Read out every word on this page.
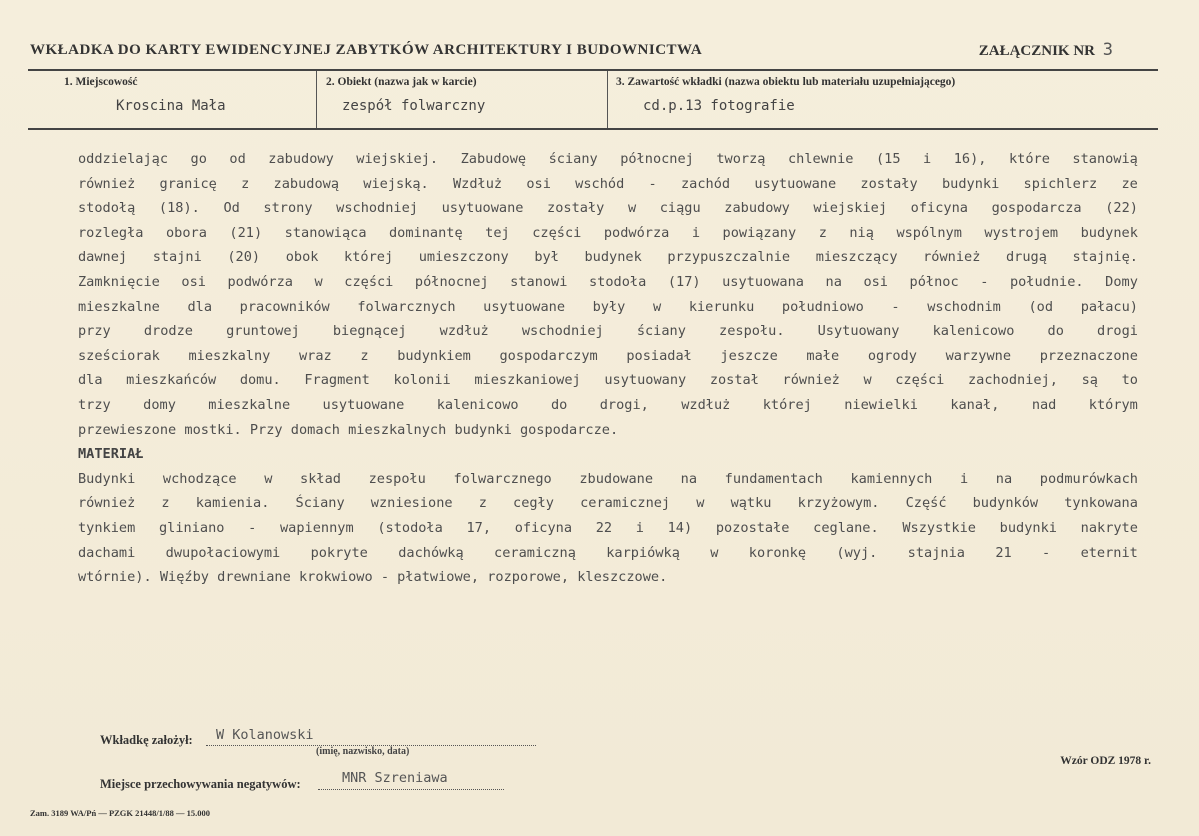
WKŁADKA DO KARTY EWIDENCYJNEJ ZABYTKÓW ARCHITEKTURY I BUDOWNICTWA	ZAŁĄCZNIK NR 3
1. Miejscowość
Kroscina Mała
2. Obiekt (nazwa jak w karcie)
zespół folwarczny
3. Zawartość wkładki (nazwa obiektu lub materiału uzupełniającego)
cd.p.13 fotografie
oddzielając go od zabudowy wiejskiej. Zabudowę ściany północnej tworzą chlewnie (15 i 16), które stanowią
również granicę z zabudową wiejską. Wzdłuż osi wschód - zachód usytuowane zostały budynki spichlerz ze
stodołą (18). Od strony wschodniej usytuowane zostały w ciągu zabudowy wiejskiej oficyna gospodarcza (22)
rozległa obora (21) stanowiąca dominantę tej części podwórza i powiązany z nią wspólnym wystrojem budynek
dawnej stajni (20) obok której umieszczony był budynek przypuszczalnie mieszczący również drugą stajnię.
Zamknięcie osi podwórza w części północnej stanowi stodoła (17) usytuowana na osi północ - południe. Domy
mieszkalne dla pracowników folwarcznych usytuowane były w kierunku południowo - wschodnim (od pałacu)
przy drodze gruntowej biegnącej wzdłuż wschodniej ściany zespołu. Usytuowany kalenicowo do drogi
sześciorak mieszkalny wraz z budynkiem gospodarczym posiadał jeszcze małe ogrody warzywne przeznaczone
dla mieszkańców domu. Fragment kolonii mieszkaniowej usytuowany został również w części zachodniej, są to
trzy domy mieszkalne usytuowane kalenicowo do drogi, wzdłuż której niewielki kanał, nad którym
przewieszone mostki. Przy domach mieszkalnych budynki gospodarcze.
MATERIAŁ
Budynki wchodzące w skład zespołu folwarcznego zbudowane na fundamentach kamiennych i na podmurówkach
również z kamienia. Ściany wzniesione z cegły ceramicznej w wątku krzyżowym. Część budynków tynkowana
tynkiem gliniano - wapiennym (stodoła 17, oficyna 22 i 14) pozostałe ceglane. Wszystkie budynki nakryte
dachami dwupołaciowymi pokryte dachówką ceramiczną karpiówką w koronkę (wyj. stajnia 21 - eternit
wtórnie). Więźby drewniane krokwiowo - płatwiowe, rozporowe, kleszczowe.
Wkładkę założył: W Kolanowski
(imię, nazwisko, data)
Miejsce przechowywania negatywów:	MNR Szreniawa
Wzór ODZ 1978 r.
Zam. 3189 WA/Pń — PZGK 21448/1/88 — 15.000
